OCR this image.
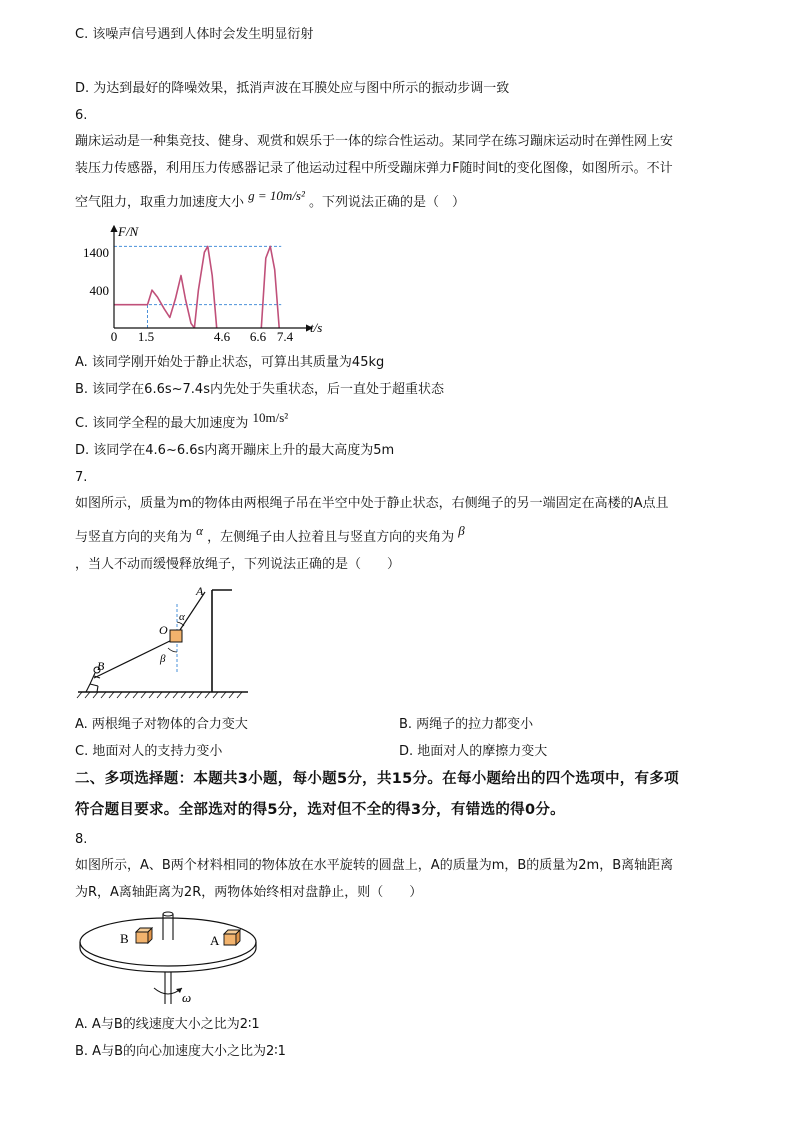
C. 该噪声信号遇到人体时会发生明显衍射
D. 为达到最好的降噪效果，抵消声波在耳膜处应与图中所示的振动步调一致
6.
蹦床运动是一种集竞技、健身、观赏和娱乐于一体的综合性运动。某同学在练习蹦床运动时在弹性网上安
装压力传感器，利用压力传感器记录了他运动过程中所受蹦床弹力F随时间t的变化图像，如图所示。不计
空气阻力，取重力加速度大小 g = 10m/s² 。下列说法正确的是（　）
F/N
t/s
1400
400
0 1.5	4.6 6.6 7.4
A. 该同学刚开始处于静止状态，可算出其质量为45kg
B. 该同学在6.6s~7.4s内先处于失重状态，后一直处于超重状态
C. 该同学全程的最大加速度为 10m/s²
D. 该同学在4.6~6.6s内离开蹦床上升的最大高度为5m
7.
如图所示，质量为m的物体由两根绳子吊在半空中处于静止状态，右侧绳子的另一端固定在高楼的A点且
与竖直方向的夹角为 α ，左侧绳子由人拉着且与竖直方向的夹角为 β
，当人不动而缓慢释放绳子，下列说法正确的是（　　）
A
O
α
β
B
A. 两根绳子对物体的合力变大	B. 两绳子的拉力都变小
C. 地面对人的支持力变小	D. 地面对人的摩擦力变大
二、多项选择题：本题共3小题，每小题5分，共15分。在每小题给出的四个选项中，有多项
符合题目要求。全部选对的得5分，选对但不全的得3分，有错选的得0分。
8.
如图所示，A、B两个材料相同的物体放在水平旋转的圆盘上，A的质量为m，B的质量为2m，B离轴距离
为R，A离轴距离为2R，两物体始终相对盘静止，则（　　）
B	A
ω
A. A与B的线速度大小之比为2∶1
B. A与B的向心加速度大小之比为2∶1
